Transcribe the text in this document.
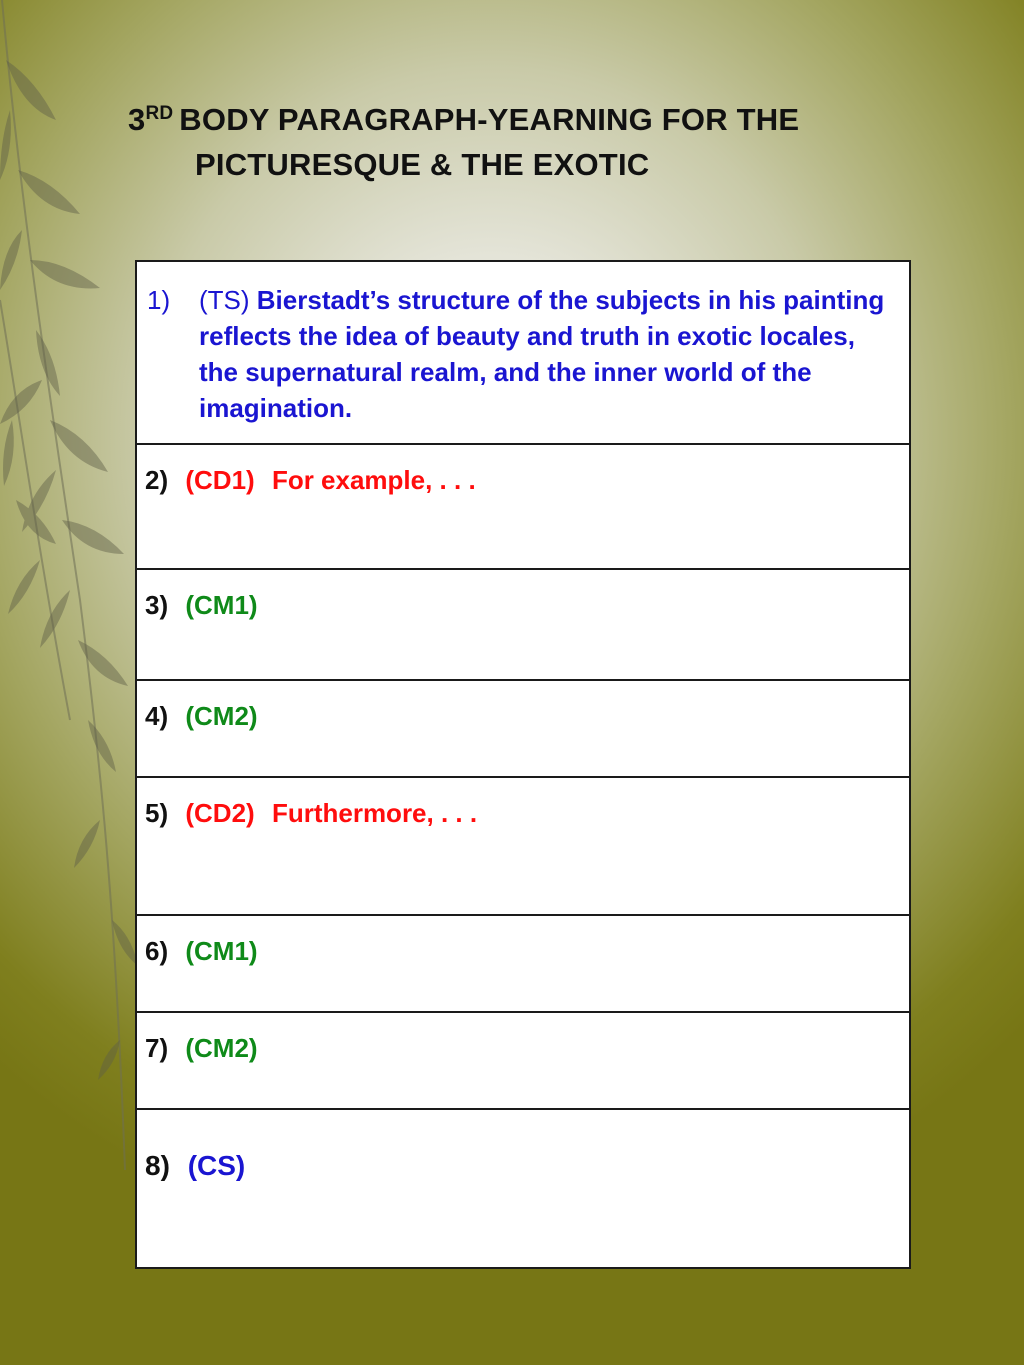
3RD BODY PARAGRAPH-YEARNING FOR THE
PICTURESQUE & THE EXOTIC
1)	(TS) Bierstadt’s structure of the subjects in his painting reflects the idea of beauty and truth in exotic locales, the supernatural realm, and the inner world of the imagination.

2) (CD1) For example, . . .
3) (CM1)
4) (CM2)
5) (CD2) Furthermore, . . .
6) (CM1)
7) (CM2)
8) (CS)
